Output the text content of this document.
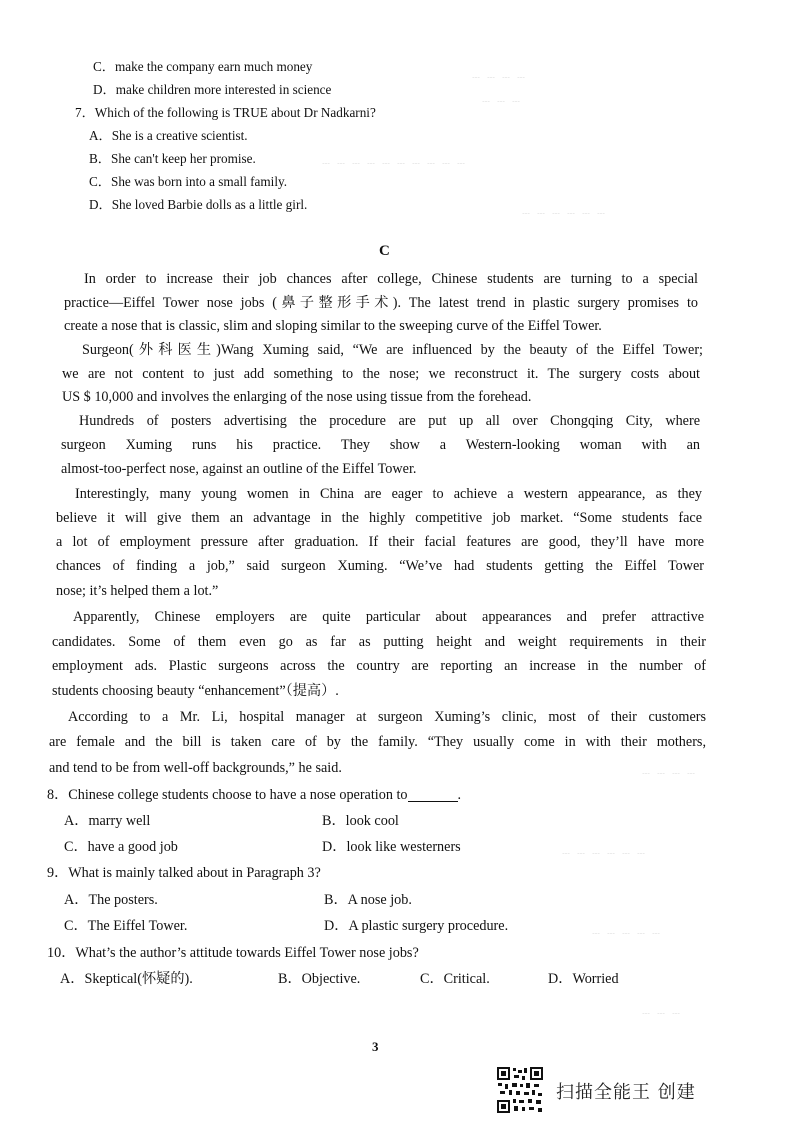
C．make the company earn much money
D．make children more interested in science
7．Which of the following is TRUE about Dr Nadkarni?
A．She is a creative scientist.
B．She can't keep her promise.
C．She was born into a small family.
D．She loved Barbie dolls as a little girl.
﹍ ﹍ ﹍ ﹍
﹍ ﹍ ﹍
﹍ ﹍ ﹍ ﹍ ﹍ ﹍ ﹍ ﹍ ﹍ ﹍
﹍ ﹍ ﹍ ﹍ ﹍ ﹍
C
In order to increase their job chances after college, Chinese students are turning to a special
practice—Eiffel Tower nose jobs (鼻子整形手术). The latest trend in plastic surgery promises to
create a nose that is classic, slim and sloping similar to the sweeping curve of the Eiffel Tower.
Surgeon(外科医生)Wang Xuming said, “We are influenced by the beauty of the Eiffel Tower;
we are not content to just add something to the nose; we reconstruct it. The surgery costs about
US $ 10,000 and involves the enlarging of the nose using tissue from the forehead.
Hundreds of posters advertising the procedure are put up all over Chongqing City, where
surgeon Xuming runs his practice. They show a Western-looking woman with an
almost-too-perfect nose, against an outline of the Eiffel Tower.
Interestingly, many young women in China are eager to achieve a western appearance, as they
believe it will give them an advantage in the highly competitive job market. “Some students face
a lot of employment pressure after graduation. If their facial features are good, they’ll have more
chances of finding a job,” said surgeon Xuming. “We’ve had students getting the Eiffel Tower
nose; it’s helped them a lot.”
Apparently, Chinese employers are quite particular about appearances and prefer attractive
candidates. Some of them even go as far as putting height and weight requirements in their
employment ads. Plastic surgeons across the country are reporting an increase in the number of
students choosing beauty “enhancement”（提高）.
According to a Mr. Li, hospital manager at surgeon Xuming’s clinic, most of their customers
are female and the bill is taken care of by the family. “They usually come in with their mothers,
and tend to be from well-off backgrounds,” he said.
8．Chinese college students choose to have a nose operation to	.
A．marry well	B．look cool
C．have a good job	D．look like westerners
9．What is mainly talked about in Paragraph 3?
A．The posters.	B．A nose job.
C．The Eiffel Tower.	D．A plastic surgery procedure.
10．What’s the author’s attitude towards Eiffel Tower nose jobs?
A．Skeptical(怀疑的).	B．Objective.	C．Critical.	D．Worried
﹍ ﹍ ﹍ ﹍
﹍ ﹍ ﹍ ﹍ ﹍ ﹍
﹍ ﹍ ﹍ ﹍ ﹍
﹍ ﹍ ﹍
3
扫描全能王 创建
